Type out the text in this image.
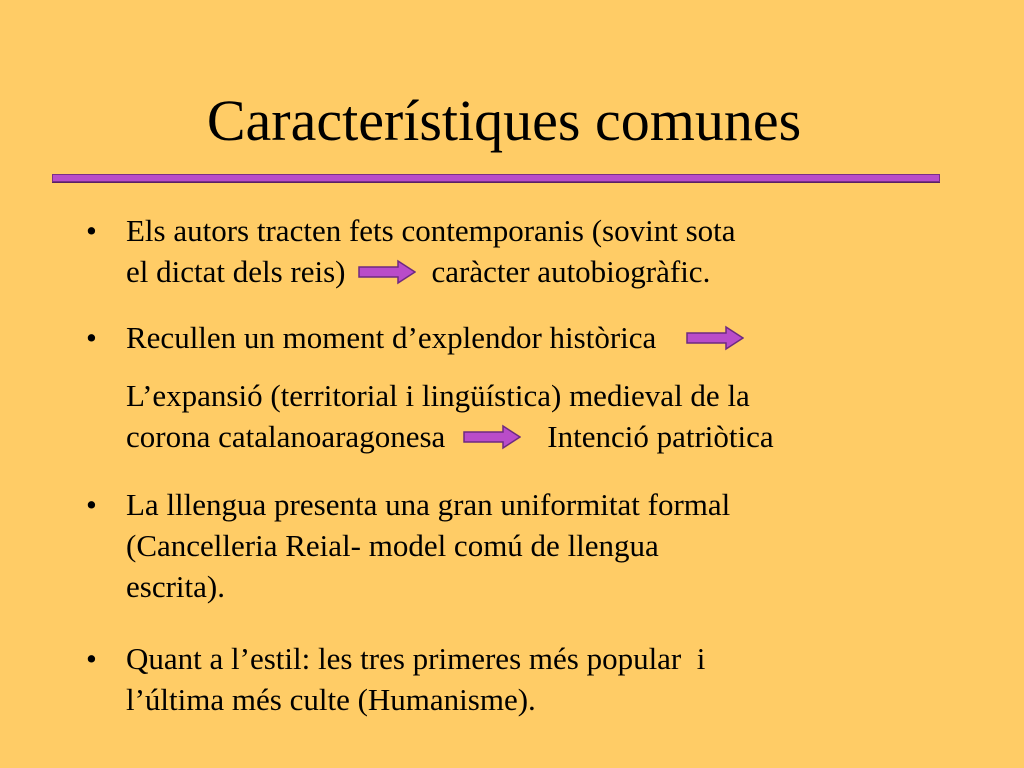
Característiques comunes
• Els autors tracten fets contemporanis (sovint sota
el dictat dels reis)	caràcter autobiogràfic.
• Recullen un moment d’explendor històrica
L’expansió (territorial i lingüística) medieval de la
corona catalanoaragonesa	Intenció patriòtica
• La lllengua presenta una gran uniformitat formal
(Cancelleria Reial- model comú de llengua
escrita).
• Quant a l’estil: les tres primeres més popular  i
l’última més culte (Humanisme).
